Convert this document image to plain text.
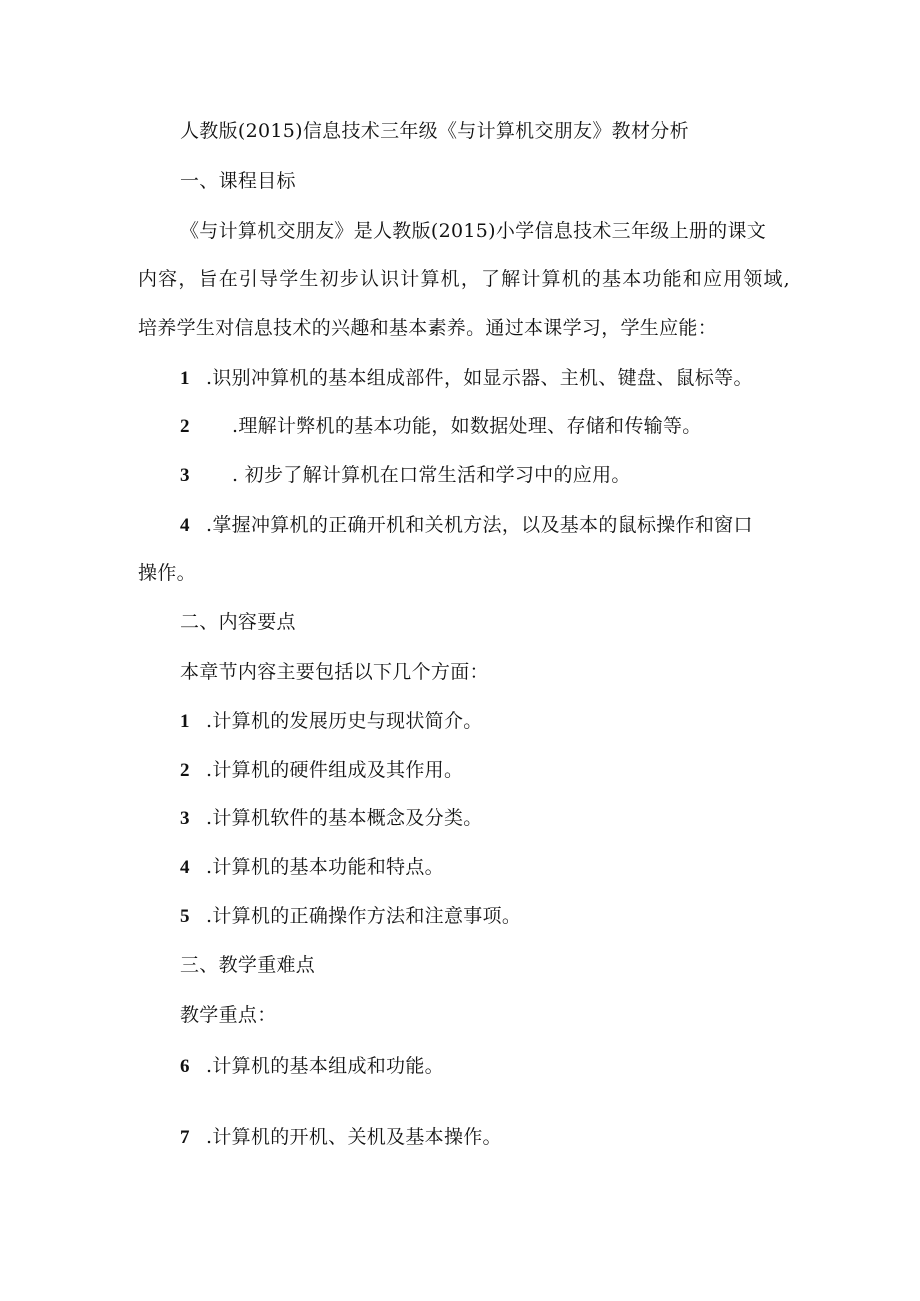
人教版(2015)信息技术三年级《与计算机交朋友》教材分析
一、课程目标
《与计算机交朋友》是人教版(2015)小学信息技术三年级上册的课文
内容，旨在引导学生初步认识计算机，了解计算机的基本功能和应用领域,
培养学生对信息技术的兴趣和基本素养。通过本课学习，学生应能：
1 .识别冲算机的基本组成部件，如显示器、主机、键盘、鼠标等。
2 .理解计弊机的基本功能，如数据处理、存储和传输等。
3 . 初步了解计算机在口常生活和学习中的应用。
4 .掌握冲算机的正确开机和关机方法，以及基本的鼠标操作和窗口
操作。
二、内容要点
本章节内容主要包括以下几个方面：
1 .计算机的发展历史与现状简介。
2 .计算机的硬件组成及其作用。
3 .计算机软件的基本概念及分类。
4 .计算机的基本功能和特点。
5 .计算机的正确操作方法和注意事项。
三、教学重难点
教学重点：
6 .计算机的基本组成和功能。
7 .计算机的开机、关机及基本操作。
